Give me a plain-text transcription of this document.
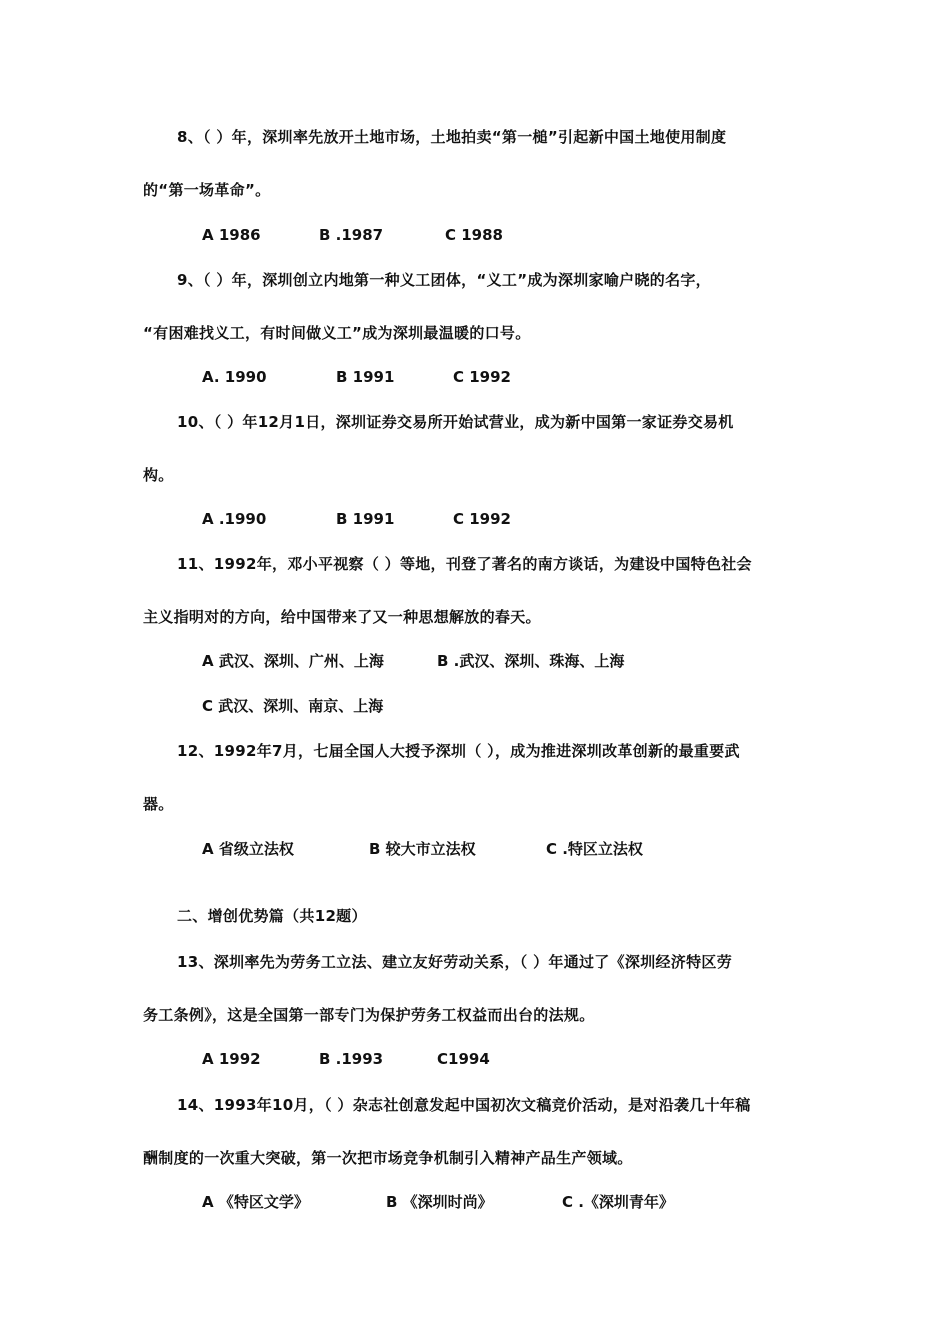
8、（ ）年，深圳率先放开土地市场，土地拍卖“第一槌”引起新中国土地使用制度
的“第一场革命”。
A 1986	B .1987	C 1988
9、（ ）年，深圳创立内地第一种义工团体，“义工”成为深圳家喻户晓的名字，
“有困难找义工，有时间做义工”成为深圳最温暖的口号。
A. 1990	B 1991	C 1992
10、（ ）年12月1日，深圳证券交易所开始试营业，成为新中国第一家证券交易机
构。
A .1990	B 1991	C 1992
11、1992年，邓小平视察（ ）等地，刊登了著名的南方谈话，为建设中国特色社会
主义指明对的方向，给中国带来了又一种思想解放的春天。
A 武汉、深圳、广州、上海	B .武汉、深圳、珠海、上海
C 武汉、深圳、南京、上海
12、1992年7月，七届全国人大授予深圳（ ），成为推进深圳改革创新的最重要武
器。
A 省级立法权	B 较大市立法权	C .特区立法权
二、增创优势篇（共12题）
13、深圳率先为劳务工立法、建立友好劳动关系，（ ）年通过了《深圳经济特区劳
务工条例》，这是全国第一部专门为保护劳务工权益而出台的法规。
A 1992	B .1993	C1994
14、1993年10月，（ ）杂志社创意发起中国初次文稿竞价活动，是对沿袭几十年稿
酬制度的一次重大突破，第一次把市场竞争机制引入精神产品生产领域。
A 《特区文学》	B 《深圳时尚》	C .《深圳青年》
